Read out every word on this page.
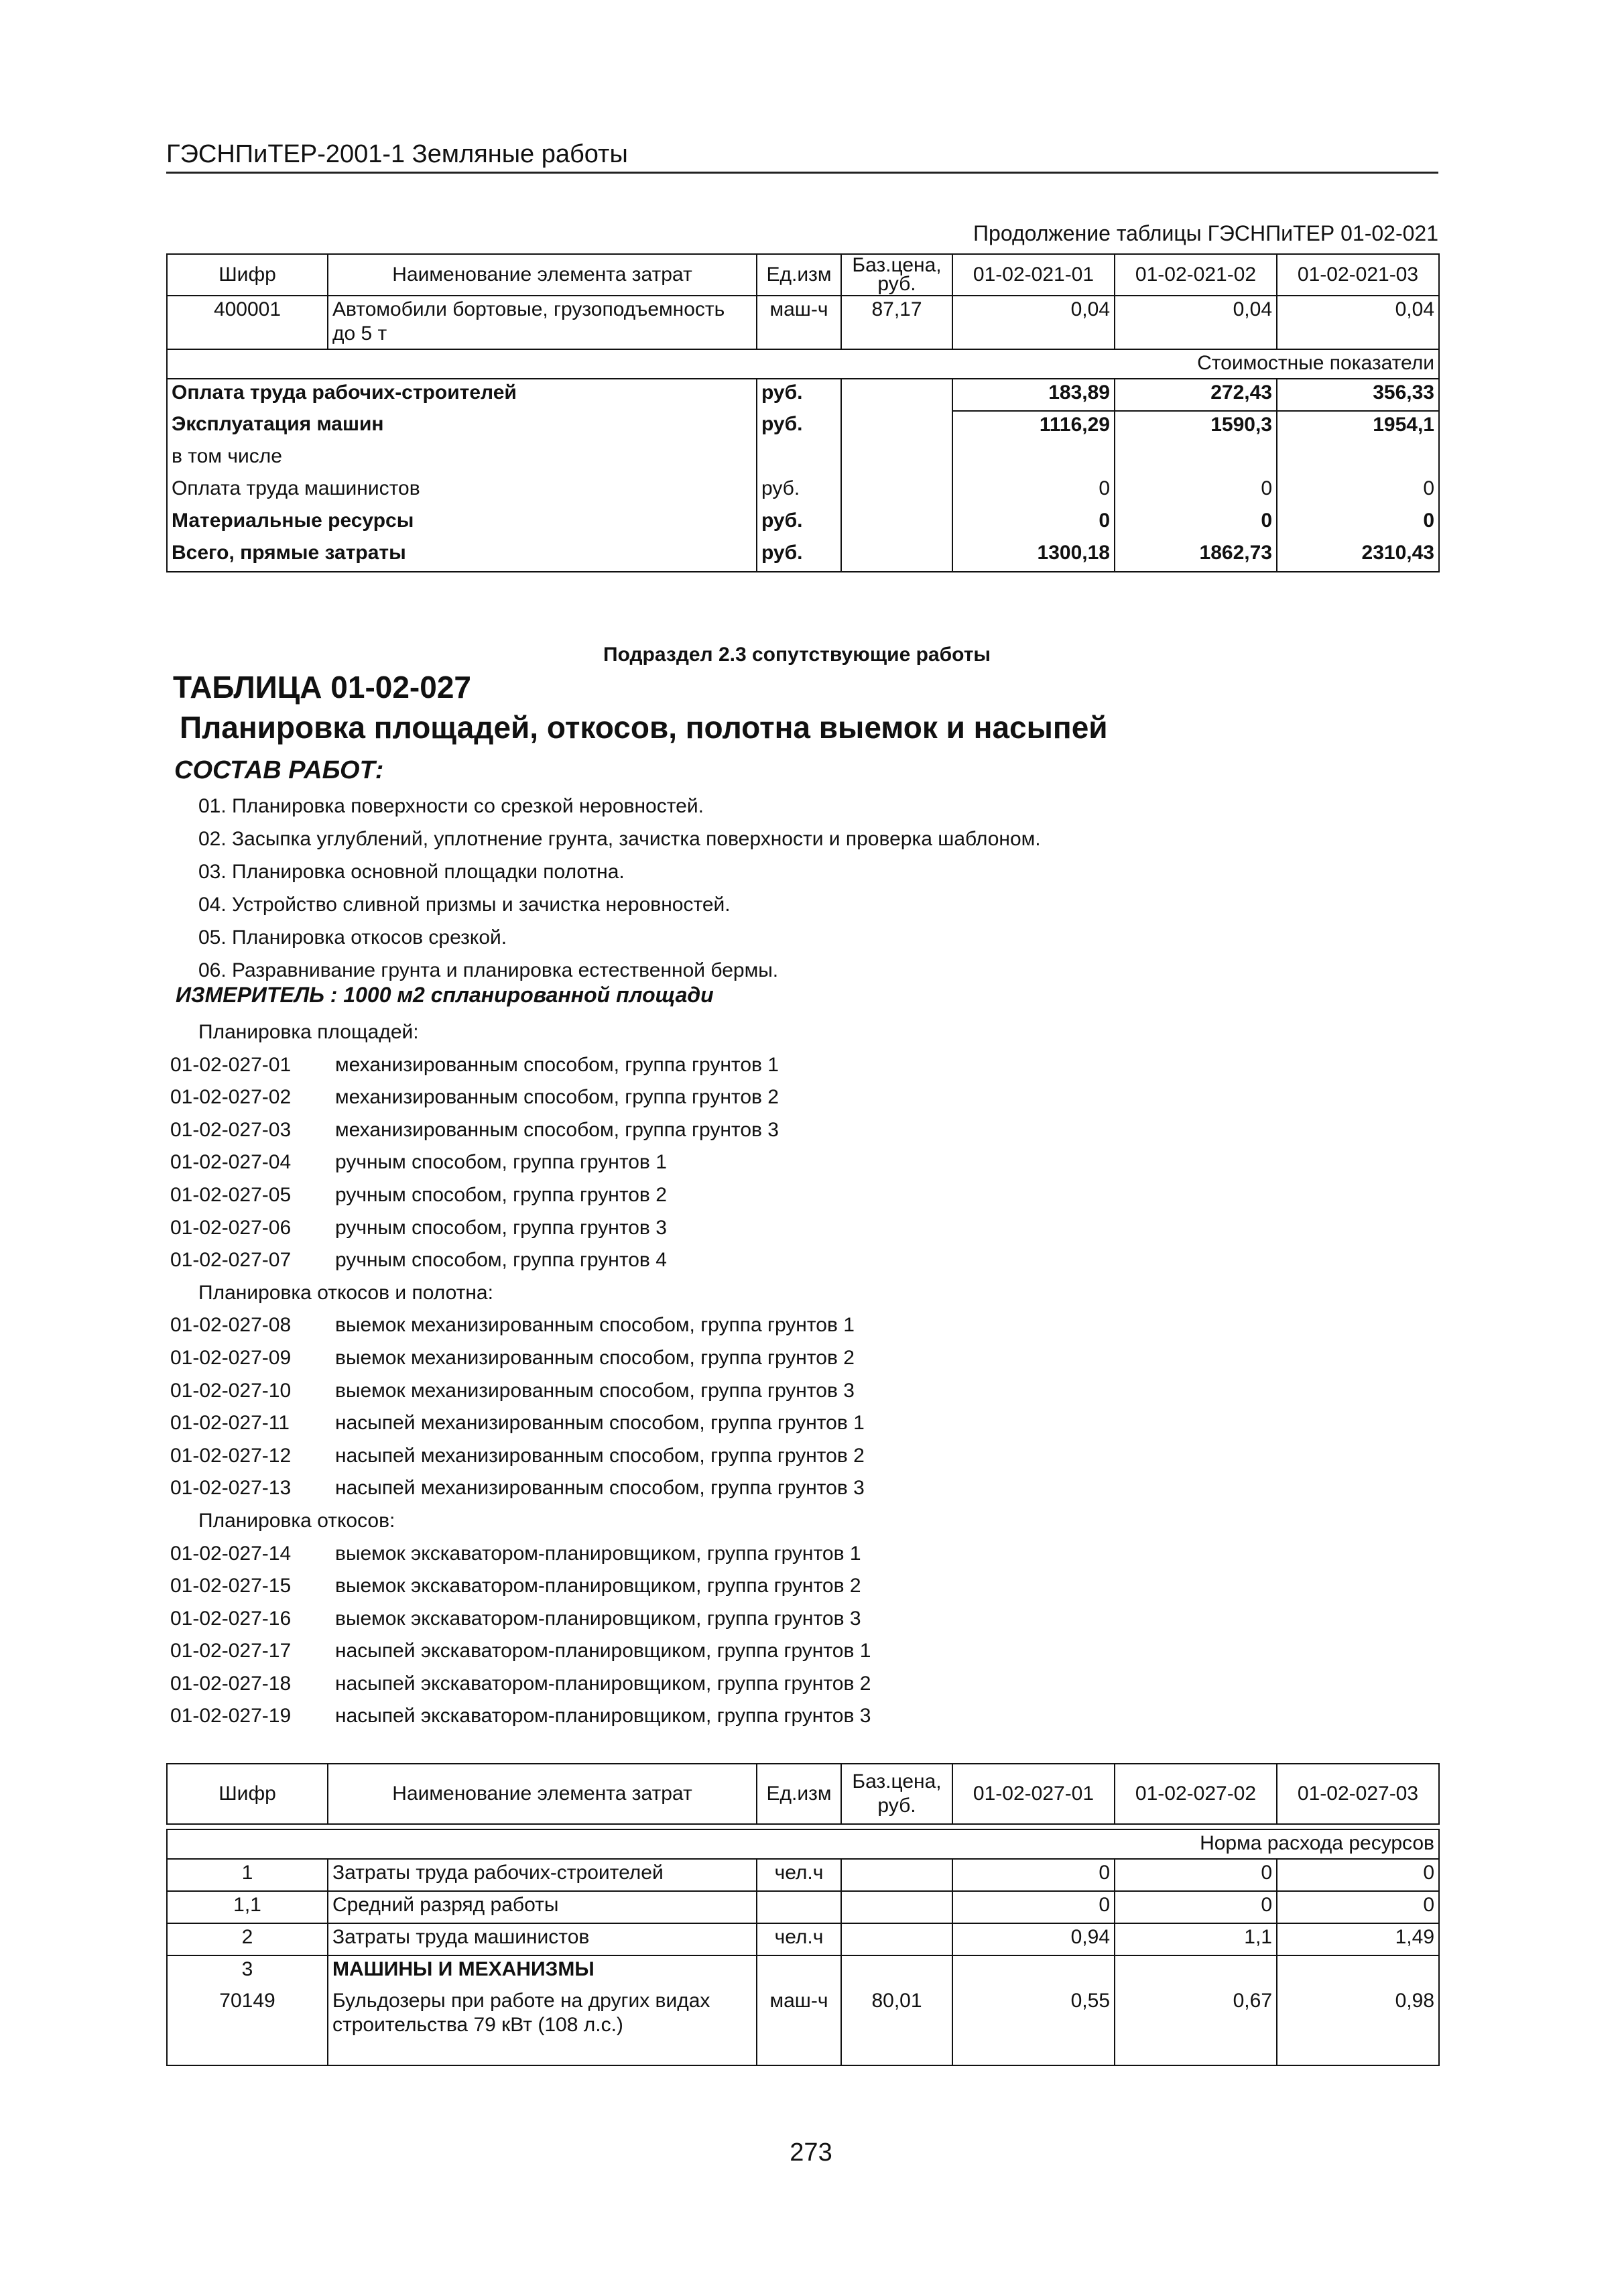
ГЭСНПиТЕР-2001-1 Земляные работы
Продолжение таблицы ГЭСНПиТЕР 01-02-021
Шифр	Наименование элемента затрат	Ед.изм	Баз.цена, руб.	01-02-021-01	01-02-021-02	01-02-021-03
400001	Автомобили бортовые, грузоподъемность до 5 т	маш-ч	87,17	0,04	0,04	0,04
Стоимостные показатели						
Оплата труда рабочих-строителей		руб.		183,89	272,43	356,33
Эксплуатация машин		руб.		1116,29	1590,3	1954,1
в том числе						
Оплата труда машинистов		руб.		0	0	0
Материальные ресурсы		руб.		0	0	0
Всего, прямые затраты		руб.		1300,18	1862,73	2310,43
Подраздел 2.3 сопутствующие работы
ТАБЛИЦА 01-02-027
Планировка площадей, откосов, полотна выемок и насыпей
СОСТАВ РАБОТ:
01. Планировка поверхности со срезкой неровностей.
02. Засыпка углублений, уплотнение грунта, зачистка поверхности и проверка шаблоном.
03. Планировка основной площадки полотна.
04. Устройство сливной призмы и зачистка неровностей.
05. Планировка откосов срезкой.
06. Разравнивание грунта и планировка естественной бермы.
ИЗМЕРИТЕЛЬ : 1000 м2 спланированной площади
Планировка площадей:
01-02-027-01 механизированным способом, группа грунтов 1
01-02-027-02 механизированным способом, группа грунтов 2
01-02-027-03 механизированным способом, группа грунтов 3
01-02-027-04 ручным способом, группа грунтов 1
01-02-027-05 ручным способом, группа грунтов 2
01-02-027-06 ручным способом, группа грунтов 3
01-02-027-07 ручным способом, группа грунтов 4
Планировка откосов и полотна:
01-02-027-08 выемок механизированным способом, группа грунтов 1
01-02-027-09 выемок механизированным способом, группа грунтов 2
01-02-027-10 выемок механизированным способом, группа грунтов 3
01-02-027-11 насыпей механизированным способом, группа грунтов 1
01-02-027-12 насыпей механизированным способом, группа грунтов 2
01-02-027-13 насыпей механизированным способом, группа грунтов 3
Планировка откосов:
01-02-027-14 выемок экскаватором-планировщиком, группа грунтов 1
01-02-027-15 выемок экскаватором-планировщиком, группа грунтов 2
01-02-027-16 выемок экскаватором-планировщиком, группа грунтов 3
01-02-027-17 насыпей экскаватором-планировщиком, группа грунтов 1
01-02-027-18 насыпей экскаватором-планировщиком, группа грунтов 2
01-02-027-19 насыпей экскаватором-планировщиком, группа грунтов 3
Шифр	Наименование элемента затрат	Ед.изм	Баз.цена, руб.	01-02-027-01	01-02-027-02	01-02-027-03

Норма расхода ресурсов						
1	Затраты труда рабочих-строителей	чел.ч		0	0	0
1,1	Средний разряд работы			0	0	0
2	Затраты труда машинистов	чел.ч		0,94	1,1	1,49
3	МАШИНЫ И МЕХАНИЗМЫ					
70149	Бульдозеры при работе на других видах строительства 79 кВт (108 л.с.)	маш-ч	80,01	0,55	0,67	0,98
273
